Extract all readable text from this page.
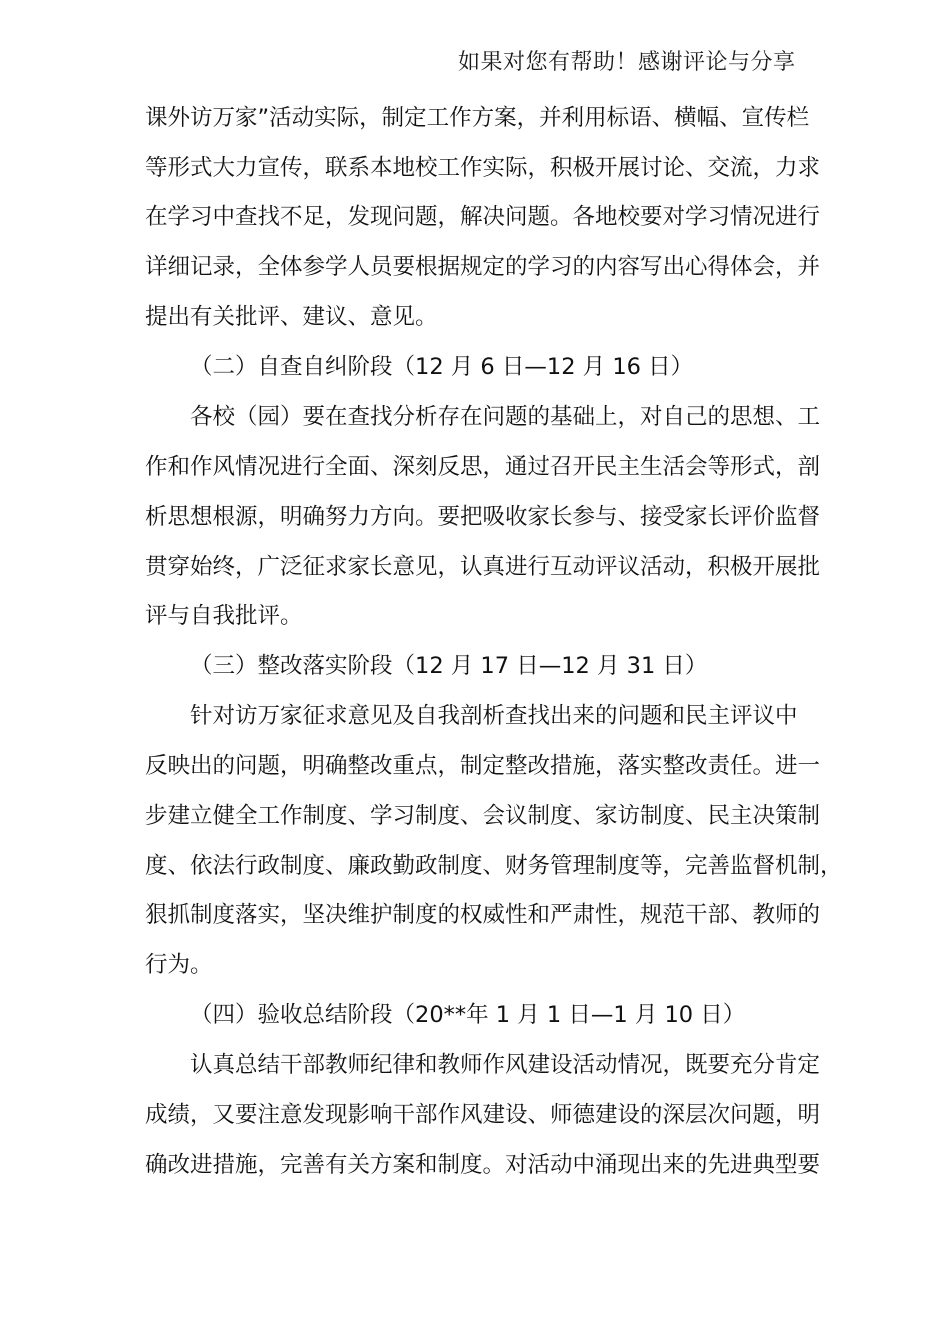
如果对您有帮助！感谢评论与分享
课外访万家”活动实际，制定工作方案，并利用标语、横幅、宣传栏
等形式大力宣传，联系本地校工作实际，积极开展讨论、交流，力求
在学习中查找不足，发现问题，解决问题。各地校要对学习情况进行
详细记录，全体参学人员要根据规定的学习的内容写出心得体会，并
提出有关批评、建议、意见。
（二）自查自纠阶段（12 月 6 日—12 月 16 日）
各校（园）要在查找分析存在问题的基础上，对自己的思想、工
作和作风情况进行全面、深刻反思，通过召开民主生活会等形式，剖
析思想根源，明确努力方向。要把吸收家长参与、接受家长评价监督
贯穿始终，广泛征求家长意见，认真进行互动评议活动，积极开展批
评与自我批评。
（三）整改落实阶段（12 月 17 日—12 月 31 日）
针对访万家征求意见及自我剖析查找出来的问题和民主评议中
反映出的问题，明确整改重点，制定整改措施，落实整改责任。进一
步建立健全工作制度、学习制度、会议制度、家访制度、民主决策制
度、依法行政制度、廉政勤政制度、财务管理制度等，完善监督机制，
狠抓制度落实，坚决维护制度的权威性和严肃性，规范干部、教师的
行为。
（四）验收总结阶段（20**年 1 月 1 日—1 月 10 日）
认真总结干部教师纪律和教师作风建设活动情况，既要充分肯定
成绩，又要注意发现影响干部作风建设、师德建设的深层次问题，明
确改进措施，完善有关方案和制度。对活动中涌现出来的先进典型要
